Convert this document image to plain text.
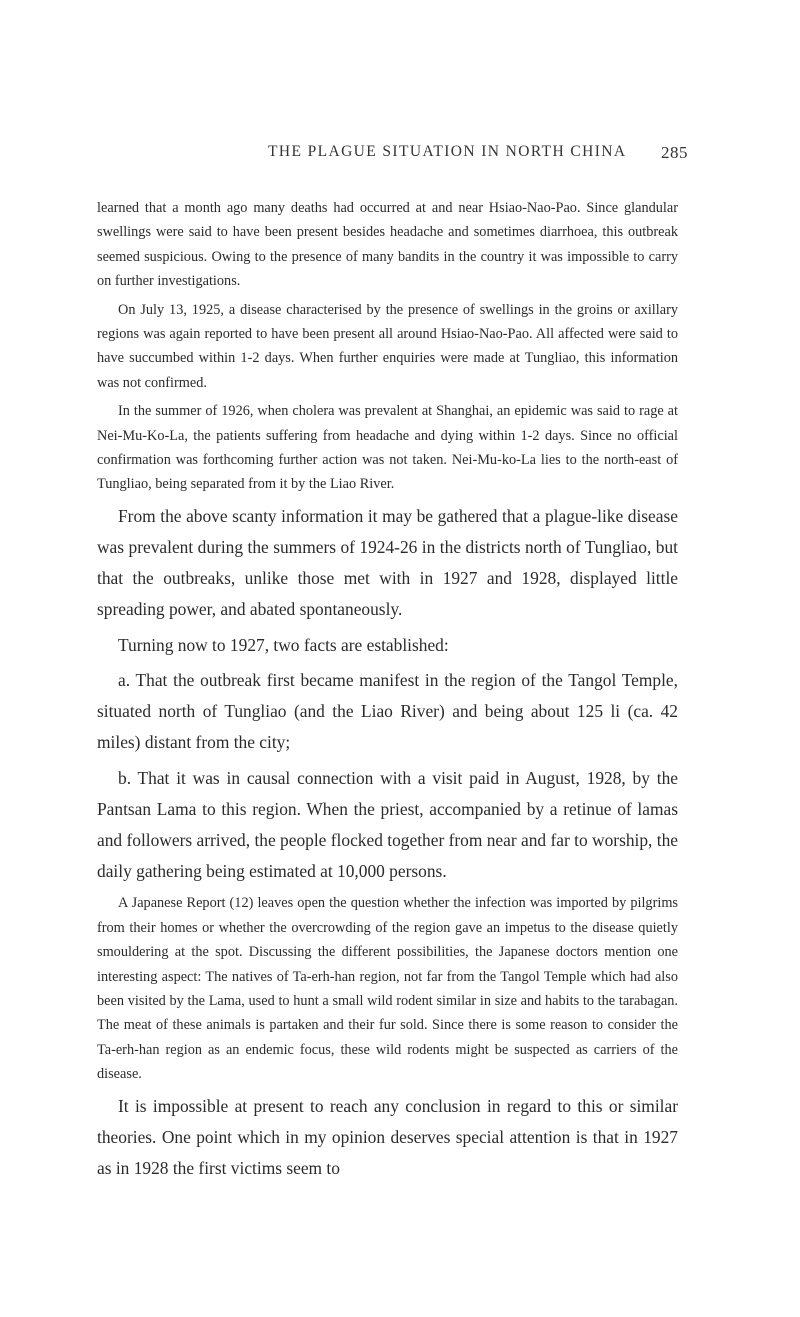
THE PLAGUE SITUATION IN NORTH CHINA 285

learned that a month ago many deaths had occurred at and near Hsiao-Nao-Pao. Since glandular swellings were said to have been present besides headache and sometimes diarrhoea, this outbreak seemed suspicious. Owing to the presence of many bandits in the country it was impossible to carry on further investigations.

On July 13, 1925, a disease characterised by the presence of swellings in the groins or axillary regions was again reported to have been present all around Hsiao-Nao-Pao. All affected were said to have succumbed within 1-2 days. When further enquiries were made at Tungliao, this information was not confirmed.

In the summer of 1926, when cholera was prevalent at Shanghai, an epidemic was said to rage at Nei-Mu-Ko-La, the patients suffering from headache and dying within 1-2 days. Since no official confirmation was forthcoming further action was not taken. Nei-Mu-ko-La lies to the north-east of Tungliao, being separated from it by the Liao River.

From the above scanty information it may be gathered that a plague-like disease was prevalent during the summers of 1924-26 in the districts north of Tungliao, but that the outbreaks, unlike those met with in 1927 and 1928, displayed little spreading power, and abated spontaneously.

Turning now to 1927, two facts are established:

a. That the outbreak first became manifest in the region of the Tangol Temple, situated north of Tungliao (and the Liao River) and being about 125 li (ca. 42 miles) distant from the city;

b. That it was in causal connection with a visit paid in August, 1928, by the Pantsan Lama to this region. When the priest, accompanied by a retinue of lamas and followers arrived, the people flocked together from near and far to worship, the daily gathering being estimated at 10,000 persons.

A Japanese Report (12) leaves open the question whether the infection was imported by pilgrims from their homes or whether the overcrowding of the region gave an impetus to the disease quietly smouldering at the spot. Discussing the different possibilities, the Japanese doctors mention one interesting aspect: The natives of Ta-erh-han region, not far from the Tangol Temple which had also been visited by the Lama, used to hunt a small wild rodent similar in size and habits to the tarabagan. The meat of these animals is partaken and their fur sold. Since there is some reason to consider the Ta-erh-han region as an endemic focus, these wild rodents might be suspected as carriers of the disease.

It is impossible at present to reach any conclusion in regard to this or similar theories. One point which in my opinion deserves special attention is that in 1927 as in 1928 the first victims seem to
